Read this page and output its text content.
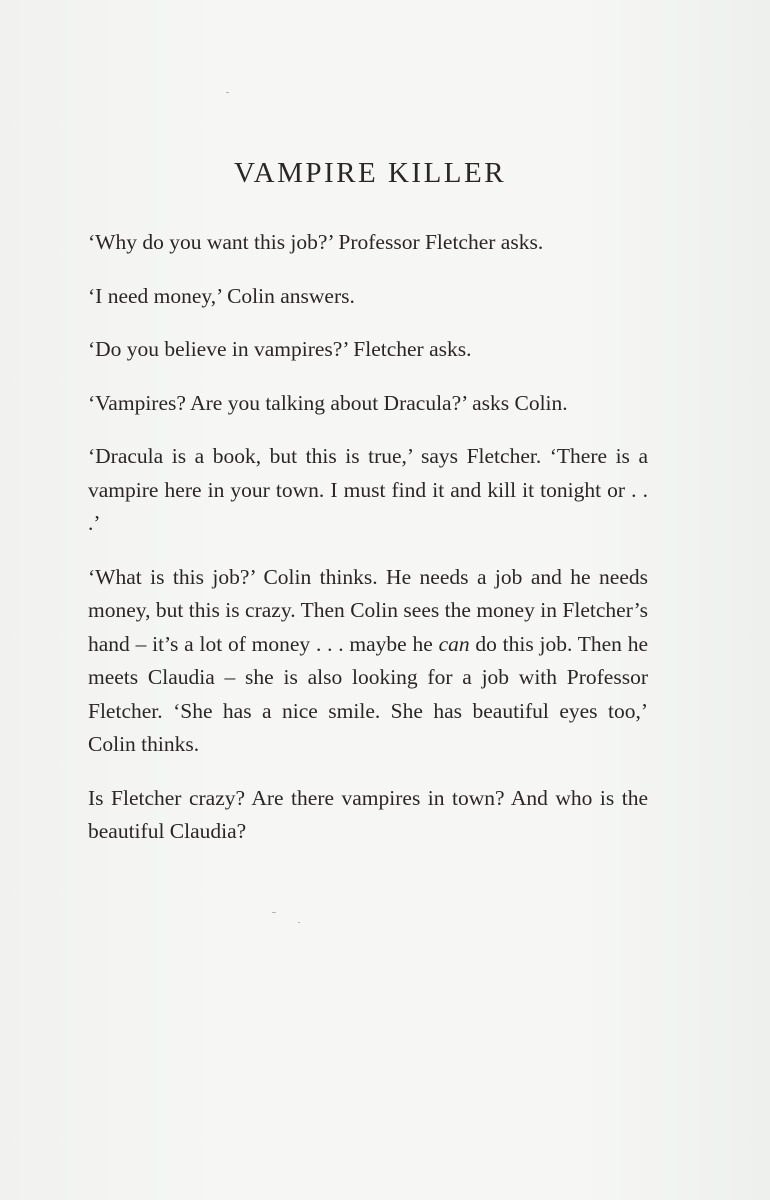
VAMPIRE KILLER

‘Why do you want this job?’ Professor Fletcher asks.

‘I need money,’ Colin answers.

‘Do you believe in vampires?’ Fletcher asks.

‘Vampires? Are you talking about Dracula?’ asks Colin.

‘Dracula is a book, but this is true,’ says Fletcher. ‘There is a vampire here in your town. I must find it and kill it tonight or . . .’

‘What is this job?’ Colin thinks. He needs a job and he needs money, but this is crazy. Then Colin sees the money in Fletcher’s hand – it’s a lot of money . . . maybe he can do this job. Then he meets Claudia – she is also looking for a job with Professor Fletcher. ‘She has a nice smile. She has beautiful eyes too,’ Colin thinks.

Is Fletcher crazy? Are there vampires in town? And who is the beautiful Claudia?
